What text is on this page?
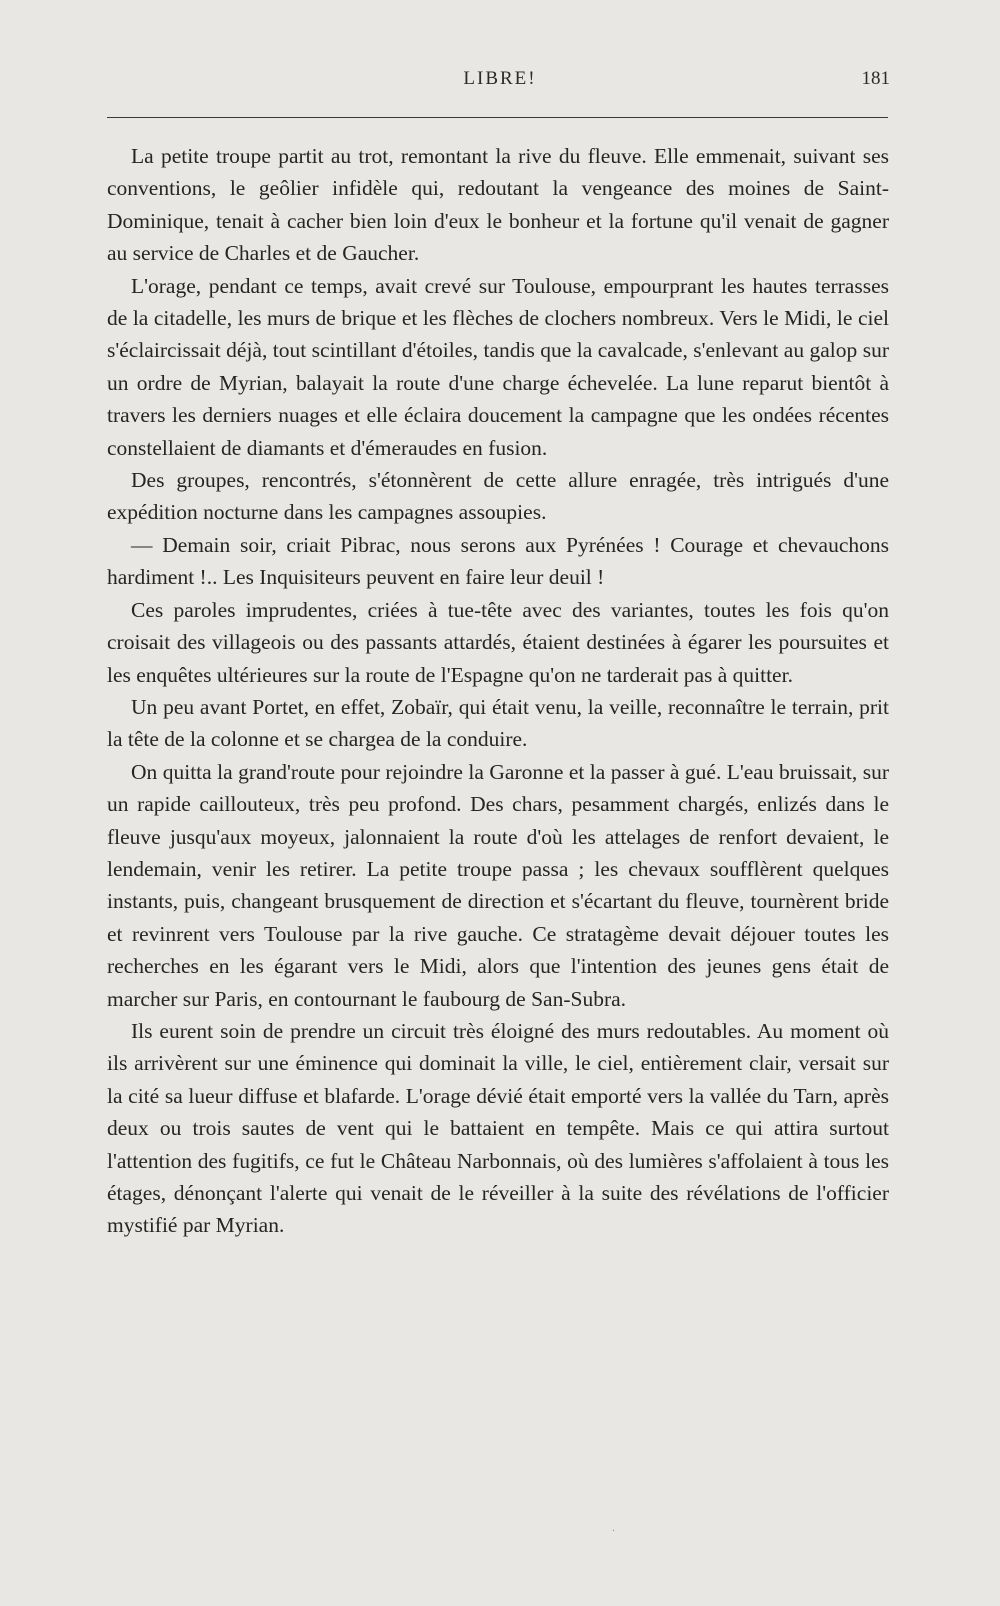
LIBRE!	181

La petite troupe partit au trot, remontant la rive du fleuve. Elle emmenait, suivant ses conventions, le geôlier infidèle qui, redoutant la vengeance des moines de Saint-Dominique, tenait à cacher bien loin d'eux le bonheur et la fortune qu'il venait de gagner au service de Charles et de Gaucher.

L'orage, pendant ce temps, avait crevé sur Toulouse, empourprant les hautes terrasses de la citadelle, les murs de brique et les flèches de clochers nombreux. Vers le Midi, le ciel s'éclaircissait déjà, tout scintillant d'étoiles, tandis que la cavalcade, s'enlevant au galop sur un ordre de Myrian, balayait la route d'une charge échevelée. La lune reparut bientôt à travers les derniers nuages et elle éclaira doucement la campagne que les ondées récentes constellaient de diamants et d'émeraudes en fusion.

Des groupes, rencontrés, s'étonnèrent de cette allure enragée, très intrigués d'une expédition nocturne dans les campagnes assoupies.

— Demain soir, criait Pibrac, nous serons aux Pyrénées ! Courage et chevauchons hardiment !.. Les Inquisiteurs peuvent en faire leur deuil !

Ces paroles imprudentes, criées à tue-tête avec des variantes, toutes les fois qu'on croisait des villageois ou des passants attardés, étaient destinées à égarer les poursuites et les enquêtes ultérieures sur la route de l'Espagne qu'on ne tarderait pas à quitter.

Un peu avant Portet, en effet, Zobaïr, qui était venu, la veille, reconnaître le terrain, prit la tête de la colonne et se chargea de la conduire.

On quitta la grand'route pour rejoindre la Garonne et la passer à gué. L'eau bruissait, sur un rapide caillouteux, très peu profond. Des chars, pesamment chargés, enlizés dans le fleuve jusqu'aux moyeux, jalonnaient la route d'où les attelages de renfort devaient, le lendemain, venir les retirer. La petite troupe passa ; les chevaux soufflèrent quelques instants, puis, changeant brusquement de direction et s'écartant du fleuve, tournèrent bride et revinrent vers Toulouse par la rive gauche. Ce stratagème devait déjouer toutes les recherches en les égarant vers le Midi, alors que l'intention des jeunes gens était de marcher sur Paris, en contournant le faubourg de San-Subra.

Ils eurent soin de prendre un circuit très éloigné des murs redoutables. Au moment où ils arrivèrent sur une éminence qui dominait la ville, le ciel, entièrement clair, versait sur la cité sa lueur diffuse et blafarde. L'orage dévié était emporté vers la vallée du Tarn, après deux ou trois sautes de vent qui le battaient en tempête. Mais ce qui attira surtout l'attention des fugitifs, ce fut le Château Narbonnais, où des lumières s'affolaient à tous les étages, dénonçant l'alerte qui venait de le réveiller à la suite des révélations de l'officier mystifié par Myrian.

.
